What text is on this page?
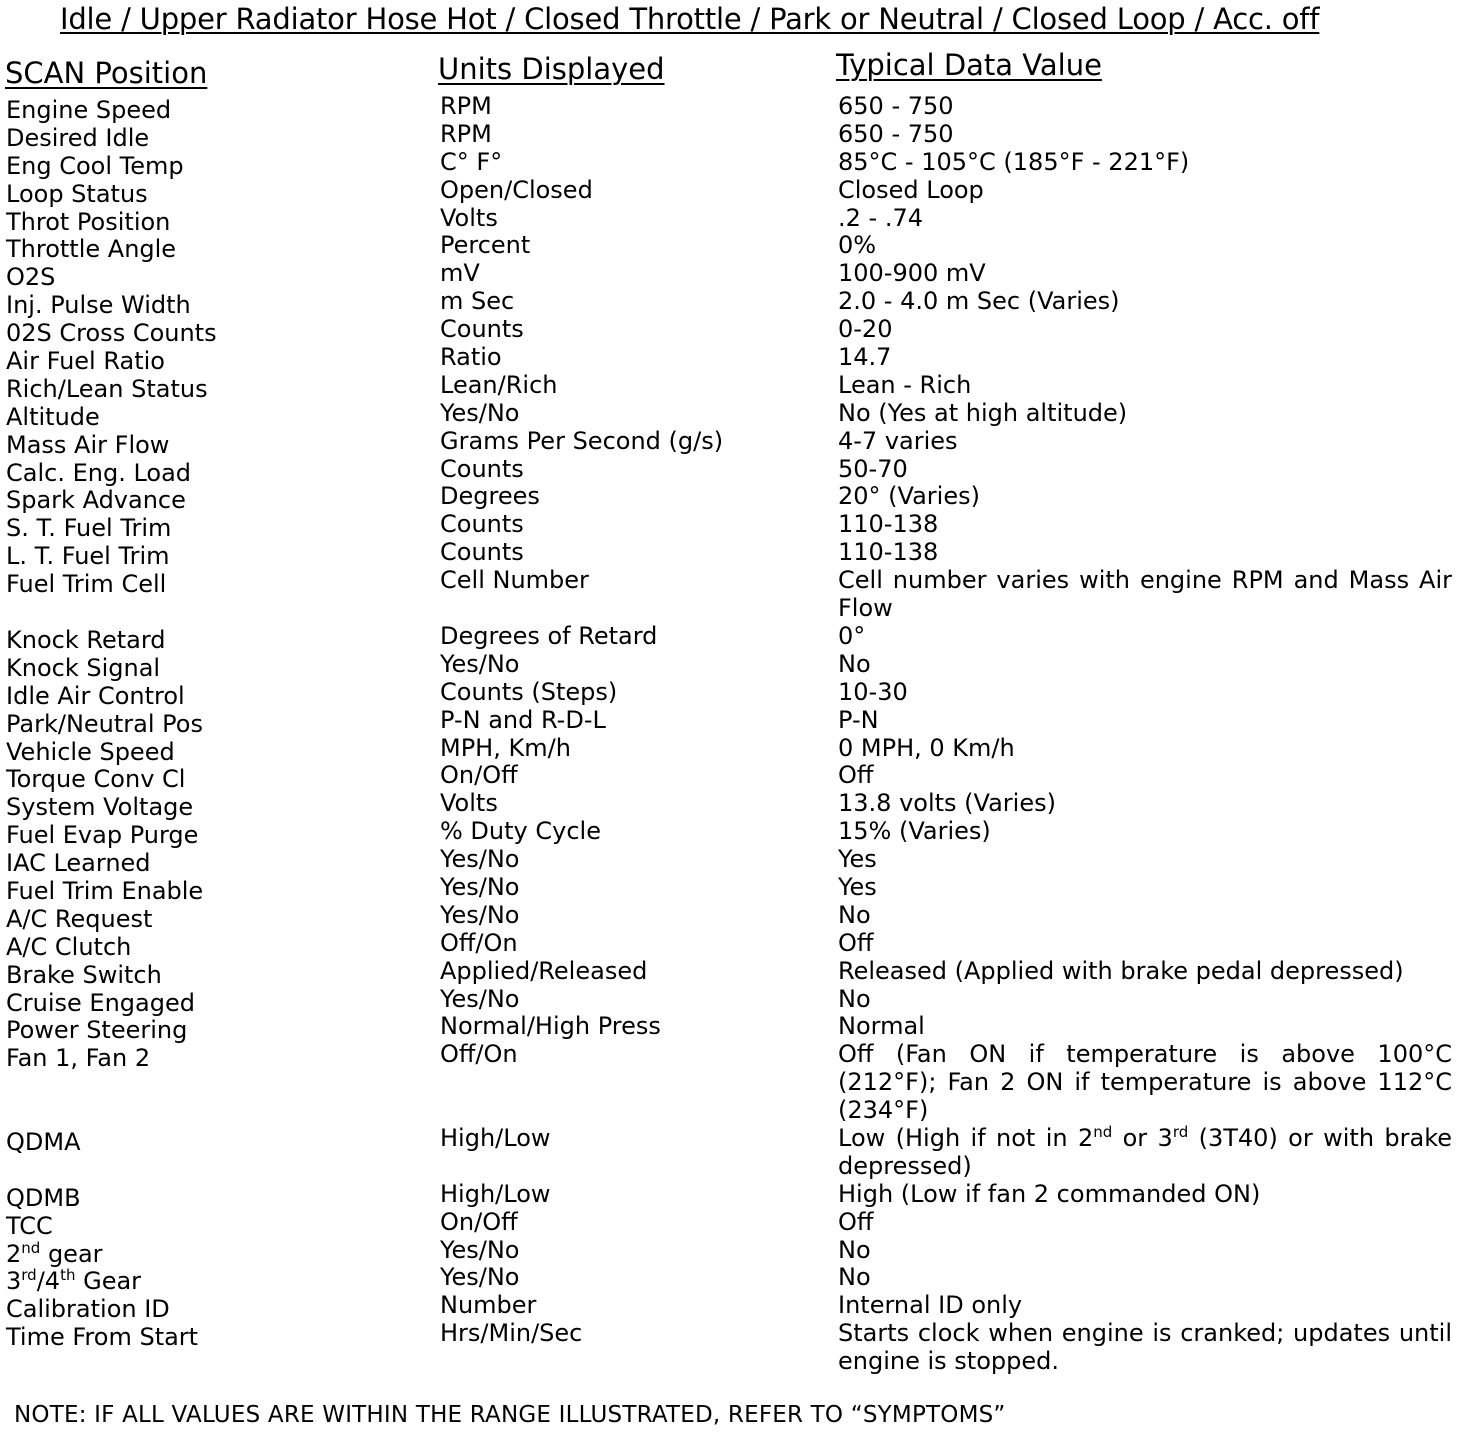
Idle / Upper Radiator Hose Hot / Closed Throttle / Park or Neutral / Closed Loop / Acc. off
SCAN Position	Units Displayed	Typical Data Value
Engine Speed	RPM	650 - 750
Desired Idle	RPM	650 - 750
Eng Cool Temp	C° F°	85°C - 105°C (185°F - 221°F)
Loop Status	Open/Closed	Closed Loop
Throt Position	Volts	.2 - .74
Throttle Angle	Percent	0%
O2S	mV	100-900 mV
Inj. Pulse Width	m Sec	2.0 - 4.0 m Sec (Varies)
02S Cross Counts	Counts	0-20
Air Fuel Ratio	Ratio	14.7
Rich/Lean Status	Lean/Rich	Lean - Rich
Altitude	Yes/No	No (Yes at high altitude)
Mass Air Flow	Grams Per Second (g/s)	4-7 varies
Calc. Eng. Load	Counts	50-70
Spark Advance	Degrees	20° (Varies)
S. T. Fuel Trim	Counts	110-138
L. T. Fuel Trim	Counts	110-138
Fuel Trim Cell	Cell Number	Cell number varies with engine RPM and Mass Air Flow
Knock Retard	Degrees of Retard	0°
Knock Signal	Yes/No	No
Idle Air Control	Counts (Steps)	10-30
Park/Neutral Pos	P-N and R-D-L	P-N
Vehicle Speed	MPH, Km/h	0 MPH, 0 Km/h
Torque Conv Cl	On/Off	Off
System Voltage	Volts	13.8 volts (Varies)
Fuel Evap Purge	% Duty Cycle	15% (Varies)
IAC Learned	Yes/No	Yes
Fuel Trim Enable	Yes/No	Yes
A/C Request	Yes/No	No
A/C Clutch	Off/On	Off
Brake Switch	Applied/Released	Released (Applied with brake pedal depressed)
Cruise Engaged	Yes/No	No
Power Steering	Normal/High Press	Normal
Fan 1, Fan 2	Off/On	Off (Fan ON if temperature is above 100°C (212°F); Fan 2 ON if temperature is above 112°C (234°F)
QDMA	High/Low	Low (High if not in 2nd or 3rd (3T40) or with brake depressed)
QDMB	High/Low	High (Low if fan 2 commanded ON)
TCC	On/Off	Off
2nd gear	Yes/No	No
3rd/4th Gear	Yes/No	No
Calibration ID	Number	Internal ID only
Time From Start	Hrs/Min/Sec	Starts clock when engine is cranked; updates until engine is stopped.
NOTE: IF ALL VALUES ARE WITHIN THE RANGE ILLUSTRATED, REFER TO “SYMPTOMS”
